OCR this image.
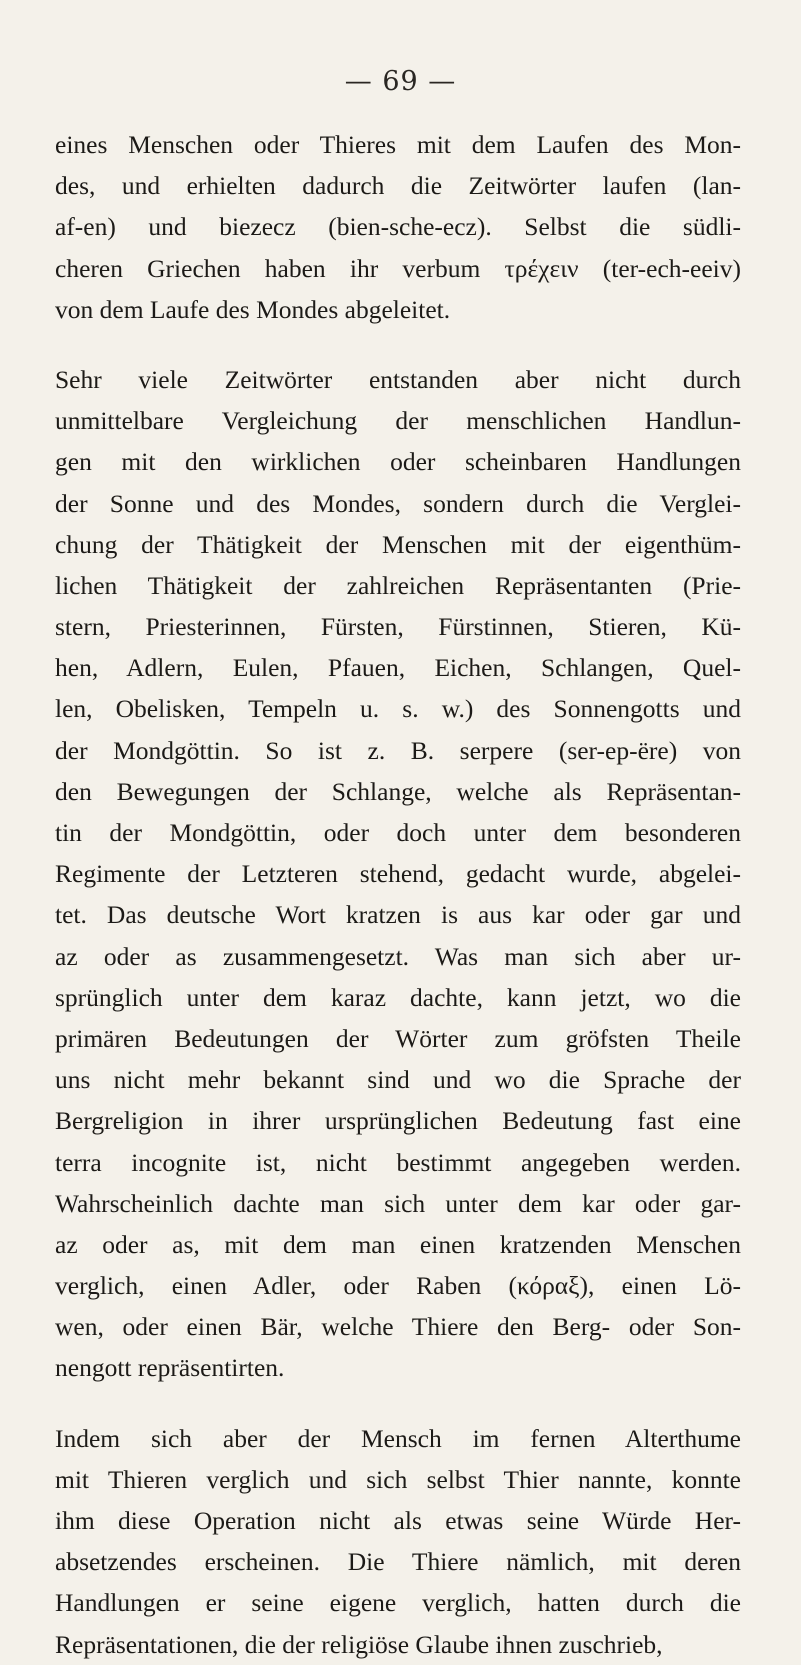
— 69 —
eines Menschen oder Thieres mit dem Laufen des Mon-
des, und erhielten dadurch die Zeitwörter laufen (lan-
af-en) und biezecz (bien-sche-ecz). Selbst die südli-
cheren Griechen haben ihr verbum τρέχειν (ter-ech-eeiv)
von dem Laufe des Mondes abgeleitet.
Sehr viele Zeitwörter entstanden aber nicht durch
unmittelbare Vergleichung der menschlichen Handlun-
gen mit den wirklichen oder scheinbaren Handlungen
der Sonne und des Mondes, sondern durch die Verglei-
chung der Thätigkeit der Menschen mit der eigenthüm-
lichen Thätigkeit der zahlreichen Repräsentanten (Prie-
stern, Priesterinnen, Fürsten, Fürstinnen, Stieren, Kü-
hen, Adlern, Eulen, Pfauen, Eichen, Schlangen, Quel-
len, Obelisken, Tempeln u. s. w.) des Sonnengotts und
der Mondgöttin. So ist z. B. serpere (ser-ep-ëre) von
den Bewegungen der Schlange, welche als Repräsentan-
tin der Mondgöttin, oder doch unter dem besonderen
Regimente der Letzteren stehend, gedacht wurde, abgelei-
tet. Das deutsche Wort kratzen is aus kar oder gar und
az oder as zusammengesetzt. Was man sich aber ur-
sprünglich unter dem karaz dachte, kann jetzt, wo die
primären Bedeutungen der Wörter zum gröfsten Theile
uns nicht mehr bekannt sind und wo die Sprache der
Bergreligion in ihrer ursprünglichen Bedeutung fast eine
terra incognite ist, nicht bestimmt angegeben werden.
Wahrscheinlich dachte man sich unter dem kar oder gar-
az oder as, mit dem man einen kratzenden Menschen
verglich, einen Adler, oder Raben (κόραξ), einen Lö-
wen, oder einen Bär, welche Thiere den Berg- oder Son-
nengott repräsentirten.
Indem sich aber der Mensch im fernen Alterthume
mit Thieren verglich und sich selbst Thier nannte, konnte
ihm diese Operation nicht als etwas seine Würde Her-
absetzendes erscheinen. Die Thiere nämlich, mit deren
Handlungen er seine eigene verglich, hatten durch die
Repräsentationen, die der religiöse Glaube ihnen zuschrieb,
